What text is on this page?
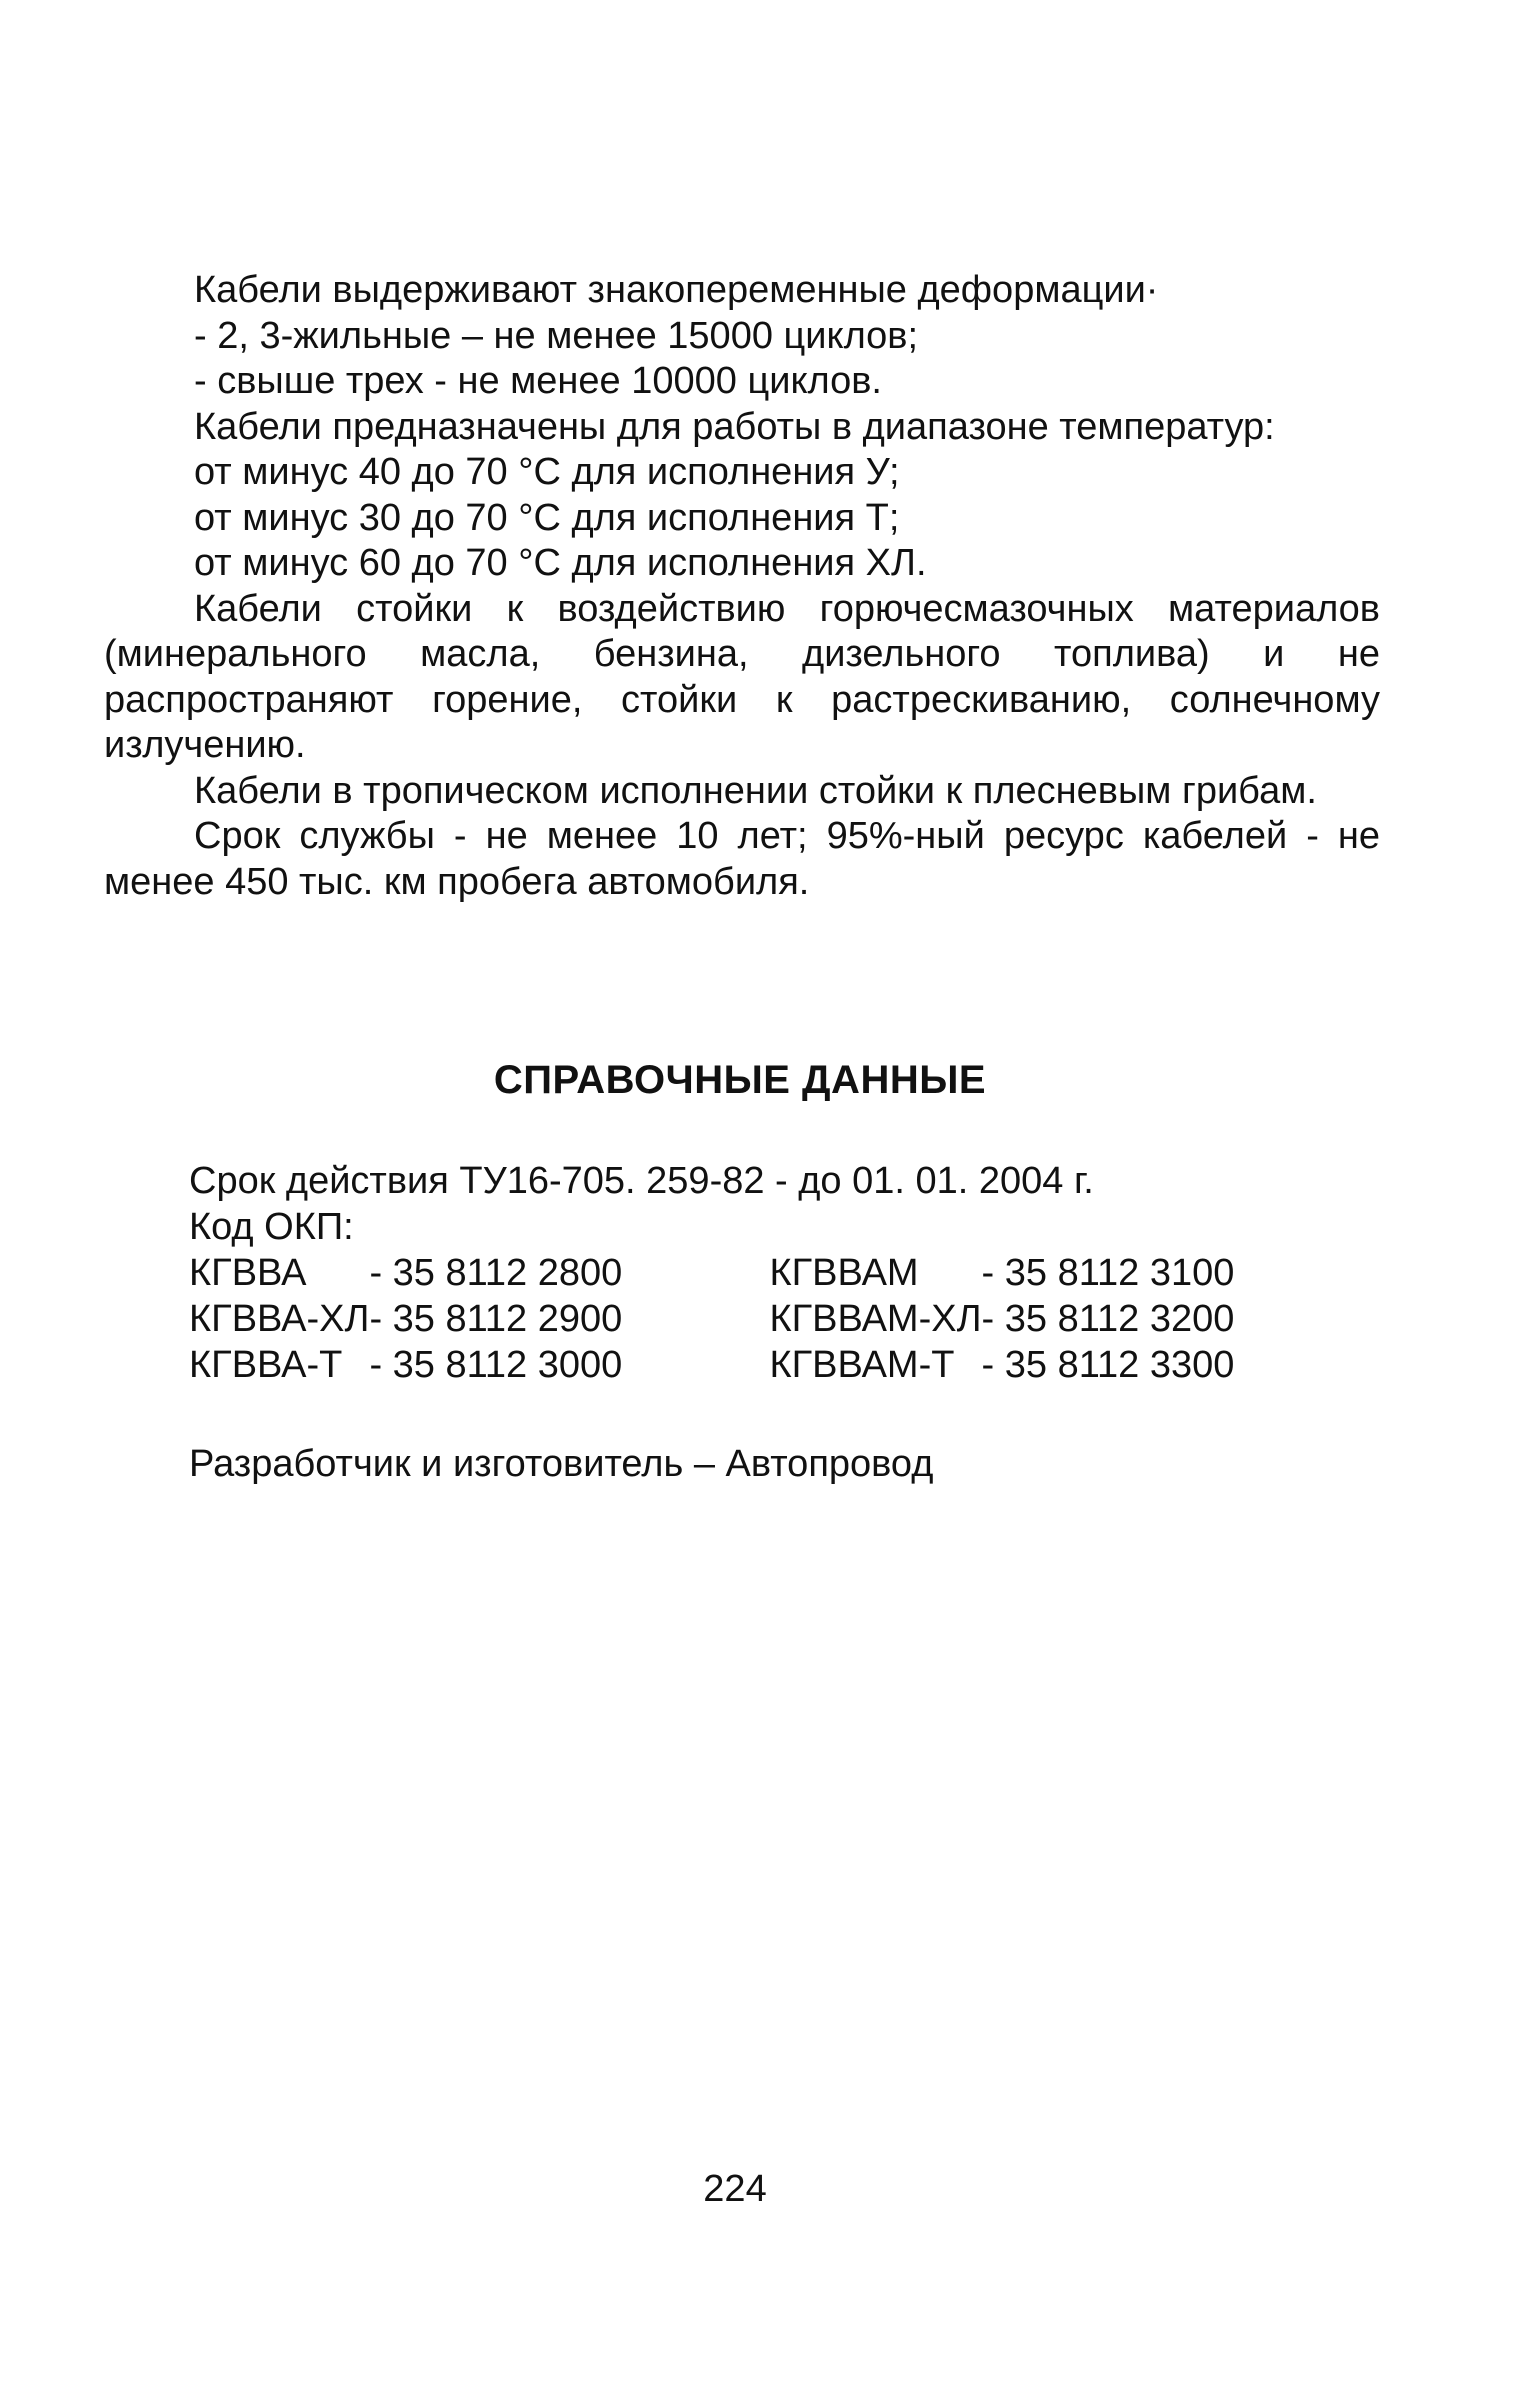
Кабели выдерживают знакопеременные деформации·

- 2, 3-жильные – не менее 15000 циклов;

- свыше трех - не менее 10000 циклов.

Кабели предназначены для работы в диапазоне температур:

от минус 40 до 70 °С для исполнения У;

от минус 30 до 70 °С для исполнения Т;

от минус 60 до 70 °С для исполнения ХЛ.

Кабели стойки к воздействию горючесмазочных материалов (минерального масла, бензина, дизельного топлива) и не распространяют горение, стойки к растрескиванию, солнечному излучению.

Кабели в тропическом исполнении стойки к плесневым грибам.

Срок службы - не менее 10 лет; 95%-ный ресурс кабелей - не менее 450 тыс. км пробега автомобиля.

СПРАВОЧНЫЕ ДАННЫЕ
Срок действия ТУ16-705. 259-82 - до 01. 01. 2004 г.
Код ОКП:
КГВВА	- 35 8112 2800	КГВВАМ	- 35 8112 3100
КГВВА-ХЛ	- 35 8112 2900	КГВВАМ-ХЛ	- 35 8112 3200
КГВВА-Т	- 35 8112 3000	КГВВАМ-Т	- 35 8112 3300
Разработчик и изготовитель – Автопровод
224
